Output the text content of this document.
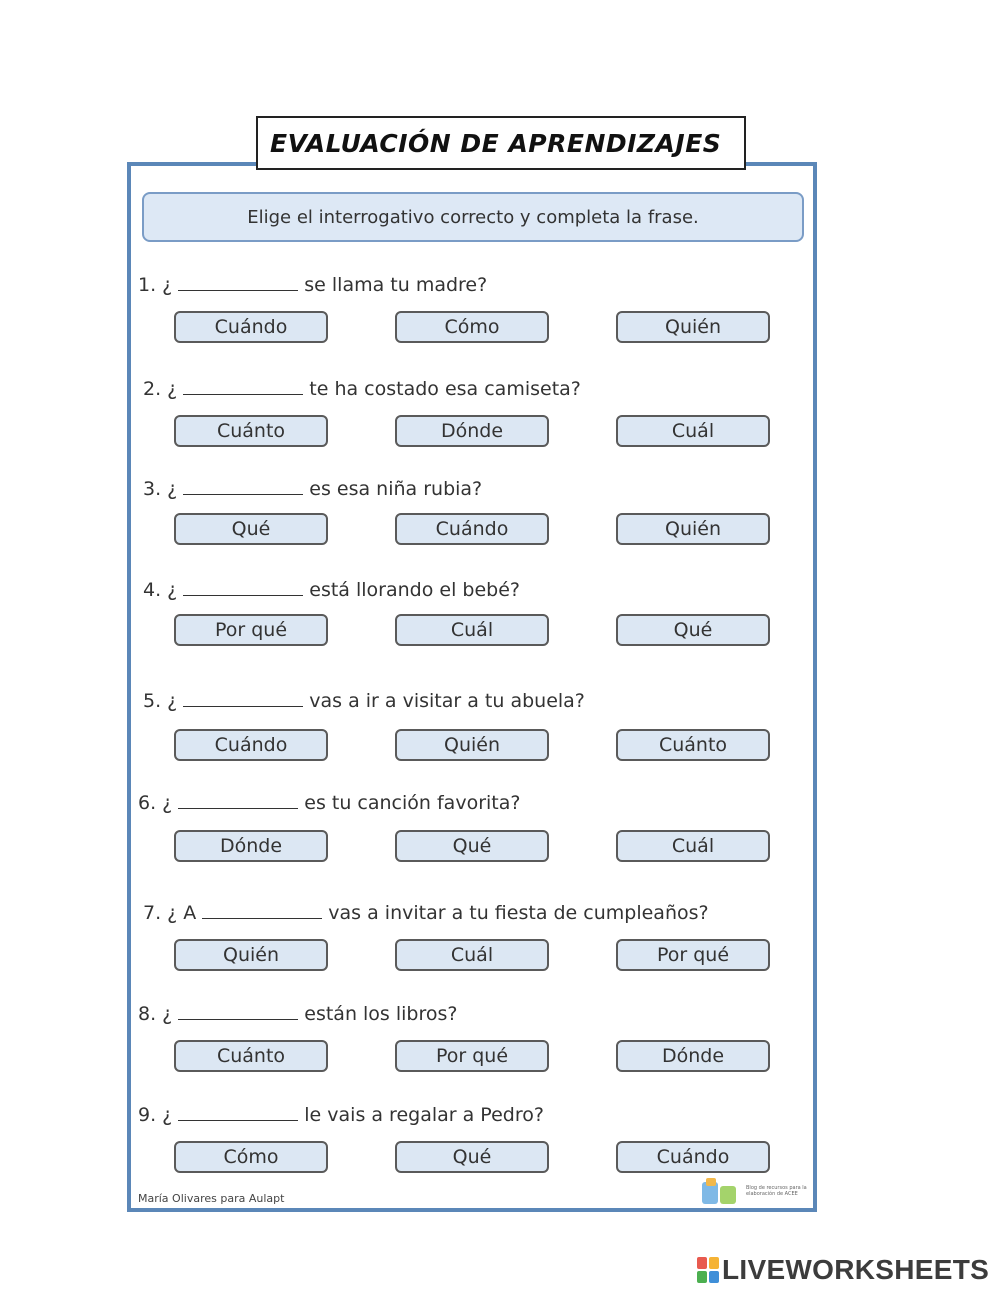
EVALUACIÓN DE APRENDIZAJES
Elige el interrogativo correcto y completa la frase.
1. ¿	se llama tu madre?
Cuándo	Cómo	Quién
2. ¿	te ha costado esa camiseta?
Cuánto	Dónde	Cuál
3. ¿	es esa niña rubia?
Qué	Cuándo	Quién
4. ¿	está llorando el bebé?
Por qué	Cuál	Qué
5. ¿	vas a ir a visitar a tu abuela?
Cuándo	Quién	Cuánto
6. ¿	es tu canción favorita?
Dónde	Qué	Cuál
7. ¿ A	vas a invitar a tu fiesta de cumpleaños?
Quién	Cuál	Por qué
8. ¿	están los libros?
Cuánto	Por qué	Dónde
9. ¿	le vais a regalar a Pedro?
Cómo	Qué	Cuándo
María Olivares para Aulapt
Blog de recursos para la elaboración de ACEE
LIVEWORKSHEETS
